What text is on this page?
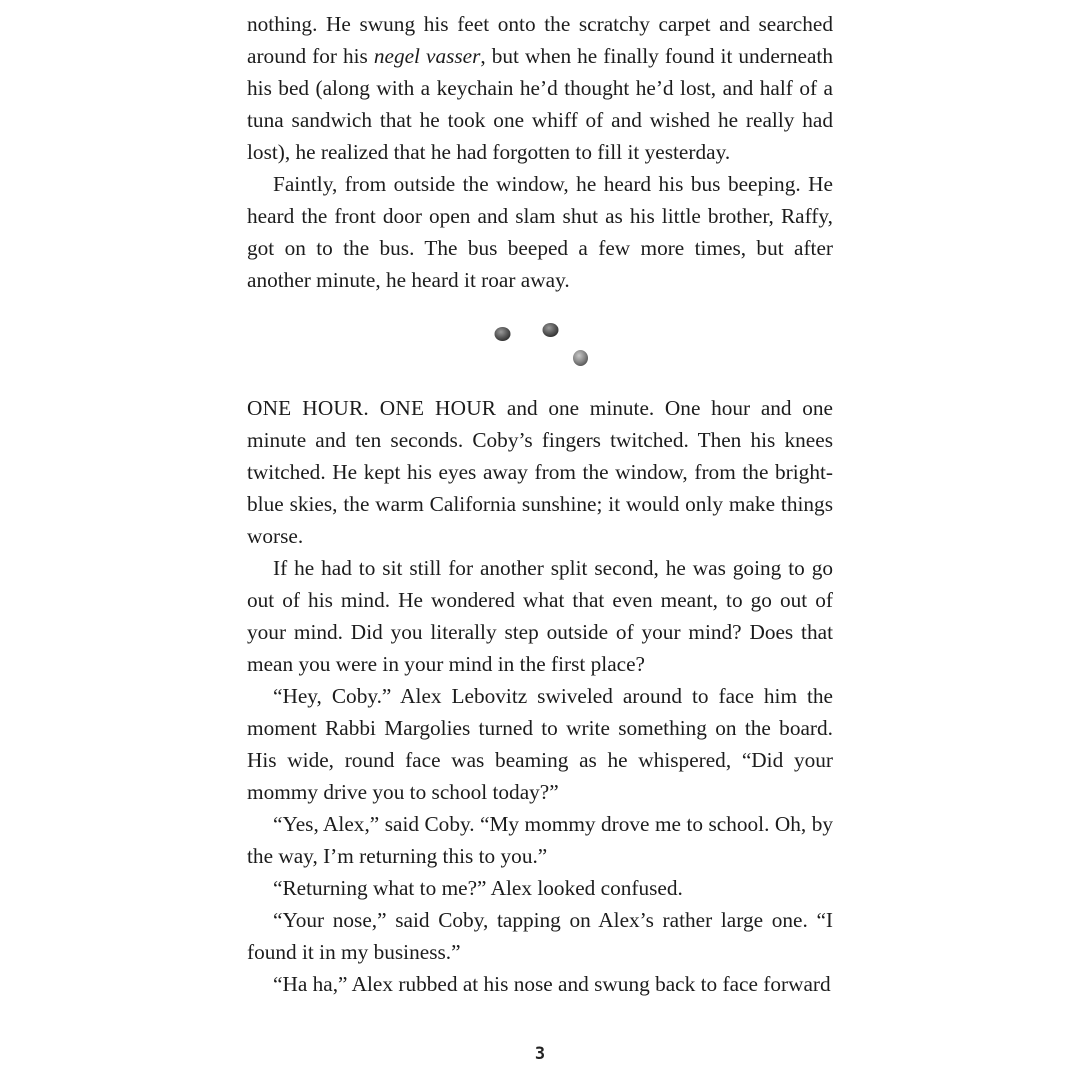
nothing. He swung his feet onto the scratchy carpet and searched around for his negel vasser, but when he finally found it underneath his bed (along with a keychain he’d thought he’d lost, and half of a tuna sandwich that he took one whiff of and wished he really had lost), he realized that he had forgotten to fill it yesterday.

Faintly, from outside the window, he heard his bus beeping. He heard the front door open and slam shut as his little brother, Raffy, got on to the bus. The bus beeped a few more times, but after another minute, he heard it roar away.

ONE HOUR. ONE HOUR and one minute. One hour and one minute and ten seconds. Coby’s fingers twitched. Then his knees twitched. He kept his eyes away from the window, from the bright-blue skies, the warm California sunshine; it would only make things worse.

If he had to sit still for another split second, he was going to go out of his mind. He wondered what that even meant, to go out of your mind. Did you literally step outside of your mind? Does that mean you were in your mind in the first place?

“Hey, Coby.” Alex Lebovitz swiveled around to face him the moment Rabbi Margolies turned to write something on the board. His wide, round face was beaming as he whispered, “Did your mommy drive you to school today?”

“Yes, Alex,” said Coby. “My mommy drove me to school. Oh, by the way, I’m returning this to you.”

“Returning what to me?” Alex looked confused.

“Your nose,” said Coby, tapping on Alex’s rather large one. “I found it in my business.”

“Ha ha,” Alex rubbed at his nose and swung back to face forward

3
